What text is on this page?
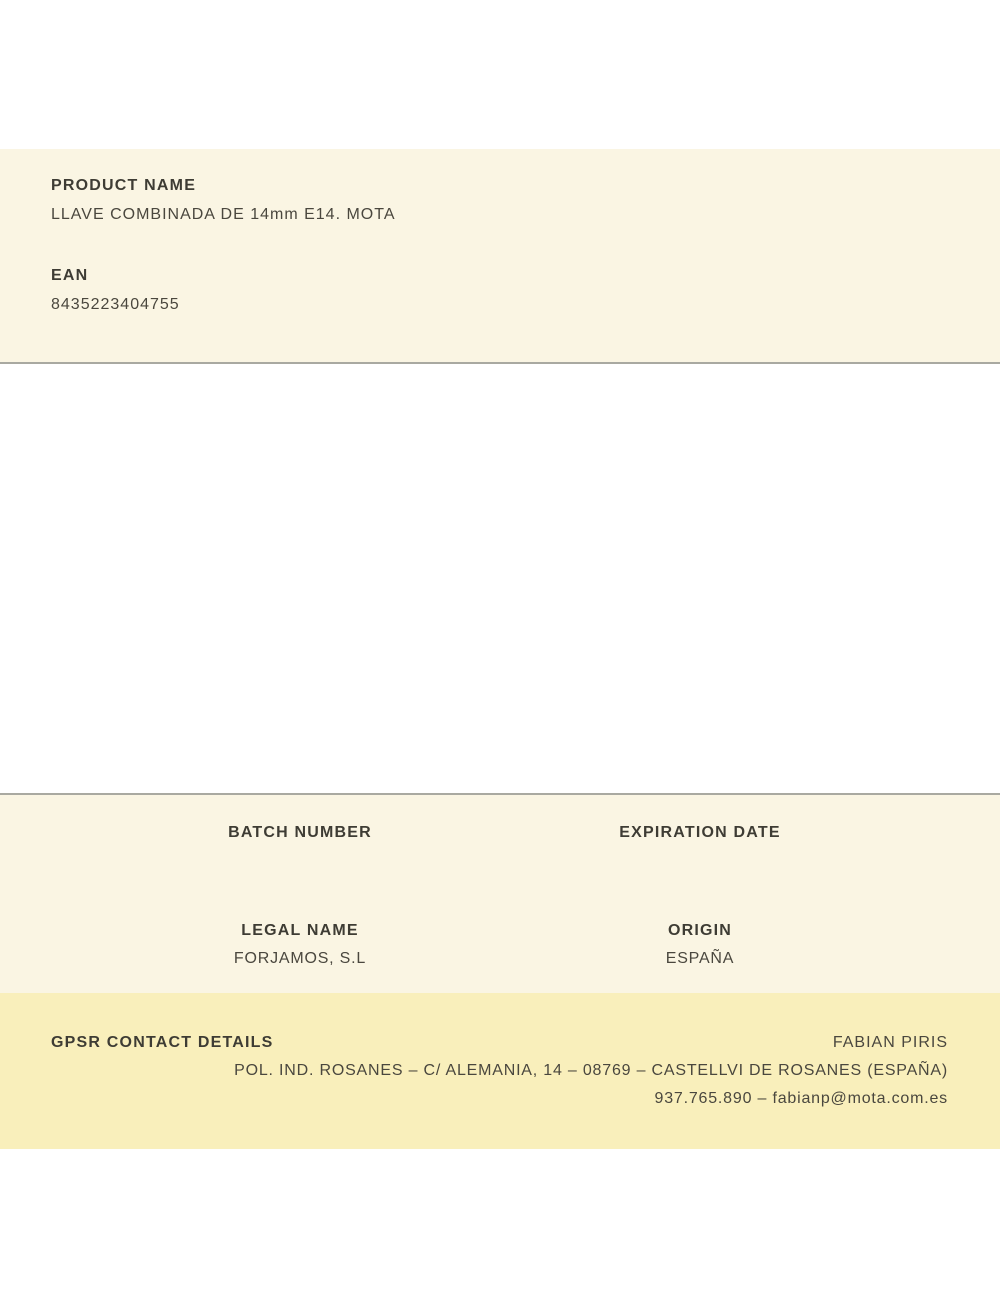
PRODUCT NAME
LLAVE COMBINADA DE 14mm E14. MOTA
EAN
8435223404755
BATCH NUMBER	EXPIRATION DATE
LEGAL NAME
FORJAMOS, S.L
ORIGIN
ESPAÑA
GPSR CONTACT DETAILS	FABIAN PIRIS
POL. IND. ROSANES – C/ ALEMANIA, 14 – 08769 – CASTELLVI DE ROSANES (ESPAÑA)
937.765.890 – fabianp@mota.com.es
